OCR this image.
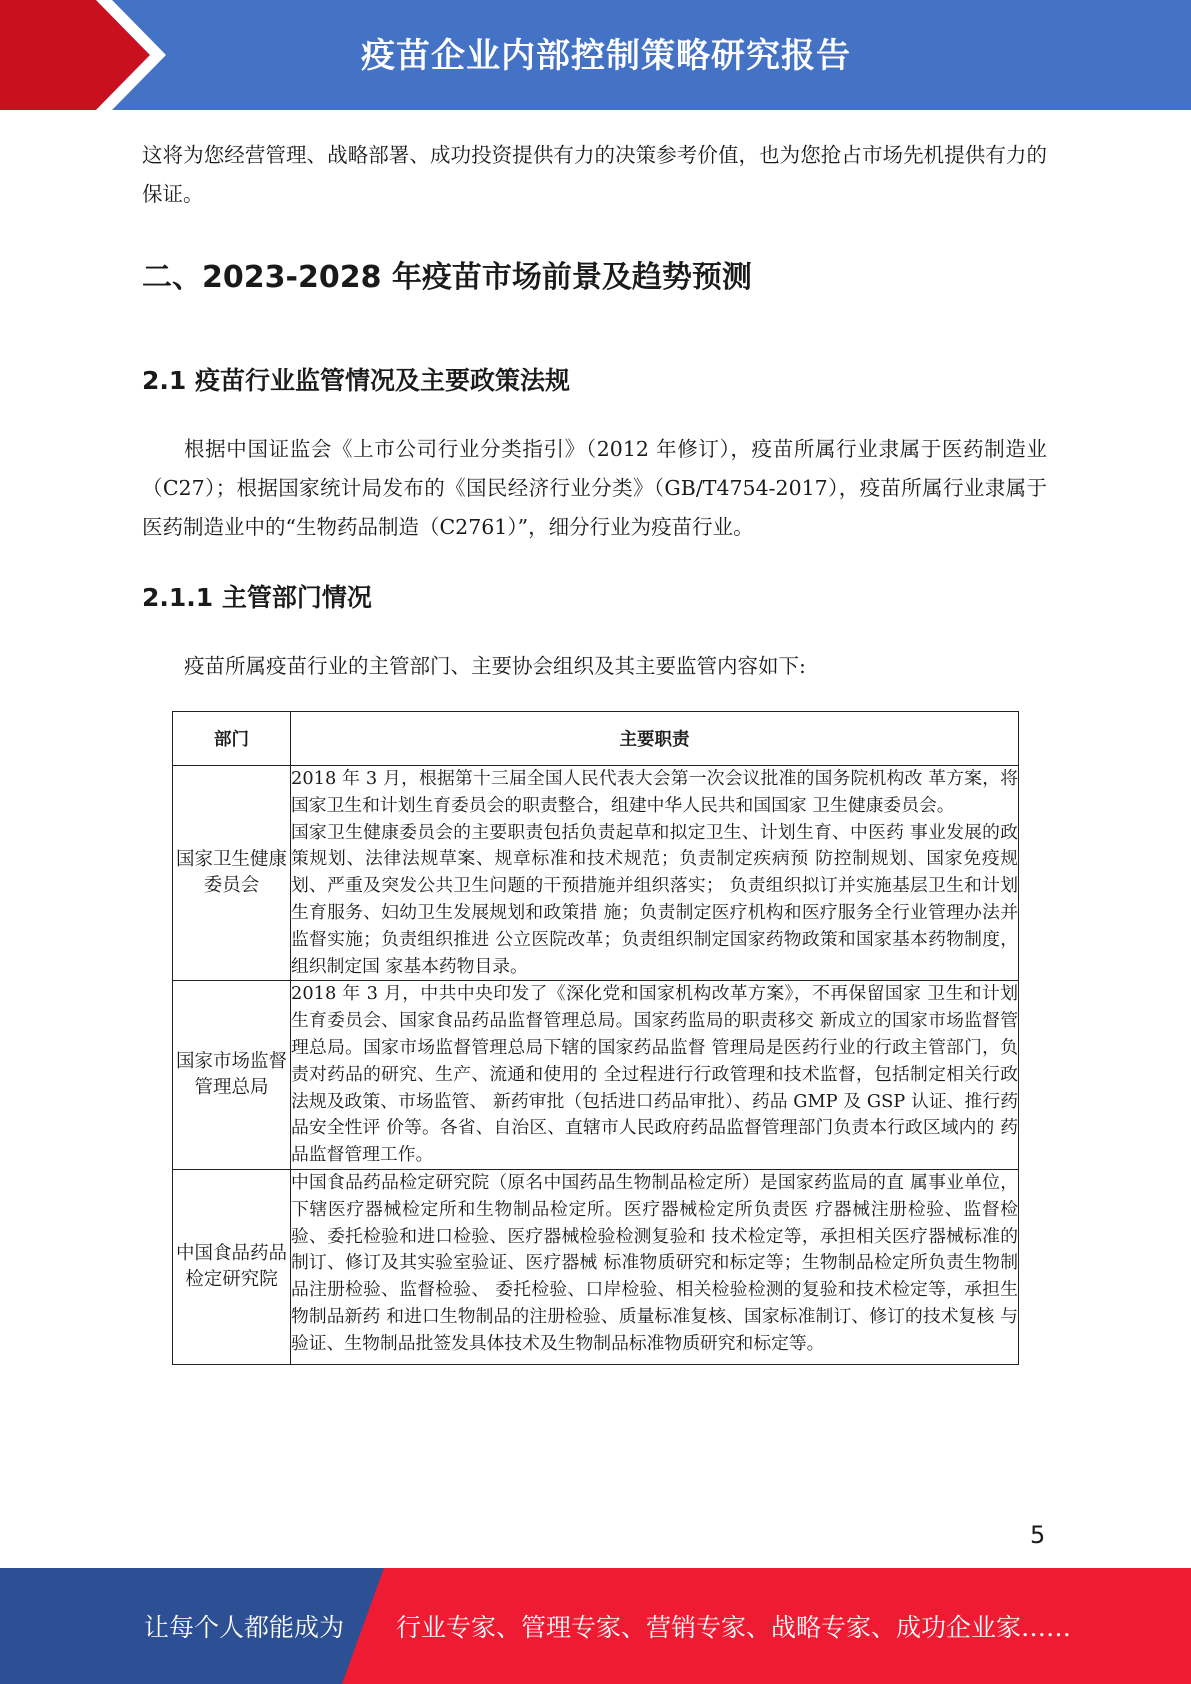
疫苗企业内部控制策略研究报告

这将为您经营管理、战略部署、成功投资提供有力的决策参考价值，也为您抢占市场先机提供有力的保证。

二、2023-2028 年疫苗市场前景及趋势预测
2.1 疫苗行业监管情况及主要政策法规

根据中国证监会《上市公司行业分类指引》（2012 年修订），疫苗所属行业隶属于医药制造业（C27）；根据国家统计局发布的《国民经济行业分类》（GB/T4754-2017），疫苗所属行业隶属于医药制造业中的“生物药品制造（C2761）”，细分行业为疫苗行业。

2.1.1 主管部门情况

疫苗所属疫苗行业的主管部门、主要协会组织及其主要监管内容如下:

部门	主要职责
国家卫生健康委员会	2018 年 3 月，根据第十三届全国人民代表大会第一次会议批准的国务院机构改 革方案，将国家卫生和计划生育委员会的职责整合，组建中华人民共和国国家 卫生健康委员会。

国家卫生健康委员会的主要职责包括负责起草和拟定卫生、计划生育、中医药 事业发展的政策规划、法律法规草案、规章标准和技术规范；负责制定疾病预 防控制规划、国家免疫规划、严重及突发公共卫生问题的干预措施并组织落实； 负责组织拟订并实施基层卫生和计划生育服务、妇幼卫生发展规划和政策措 施；负责制定医疗机构和医疗服务全行业管理办法并监督实施；负责组织推进 公立医院改革；负责组织制定国家药物政策和国家基本药物制度，组织制定国 家基本药物目录。

国家市场监督管理总局	2018 年 3 月，中共中央印发了《深化党和国家机构改革方案》，不再保留国家 卫生和计划生育委员会、国家食品药品监督管理总局。国家药监局的职责移交 新成立的国家市场监督管理总局。国家市场监督管理总局下辖的国家药品监督 管理局是医药行业的行政主管部门，负责对药品的研究、生产、流通和使用的 全过程进行行政管理和技术监督，包括制定相关行政法规及政策、市场监管、 新药审批（包括进口药品审批）、药品 GMP 及 GSP 认证、推行药品安全性评 价等。各省、自治区、直辖市人民政府药品监督管理部门负责本行政区域内的 药品监督管理工作。

中国食品药品检定研究院	中国食品药品检定研究院（原名中国药品生物制品检定所）是国家药监局的直 属事业单位，下辖医疗器械检定所和生物制品检定所。医疗器械检定所负责医 疗器械注册检验、监督检验、委托检验和进口检验、医疗器械检验检测复验和 技术检定等，承担相关医疗器械标准的制订、修订及其实验室验证、医疗器械 标准物质研究和标定等；生物制品检定所负责生物制品注册检验、监督检验、 委托检验、口岸检验、相关检验检测的复验和技术检定等，承担生物制品新药 和进口生物制品的注册检验、质量标准复核、国家标准制订、修订的技术复核 与验证、生物制品批签发具体技术及生物制品标准物质研究和标定等。

5
让每个人都能成为 行业专家、管理专家、营销专家、战略专家、成功企业家……
